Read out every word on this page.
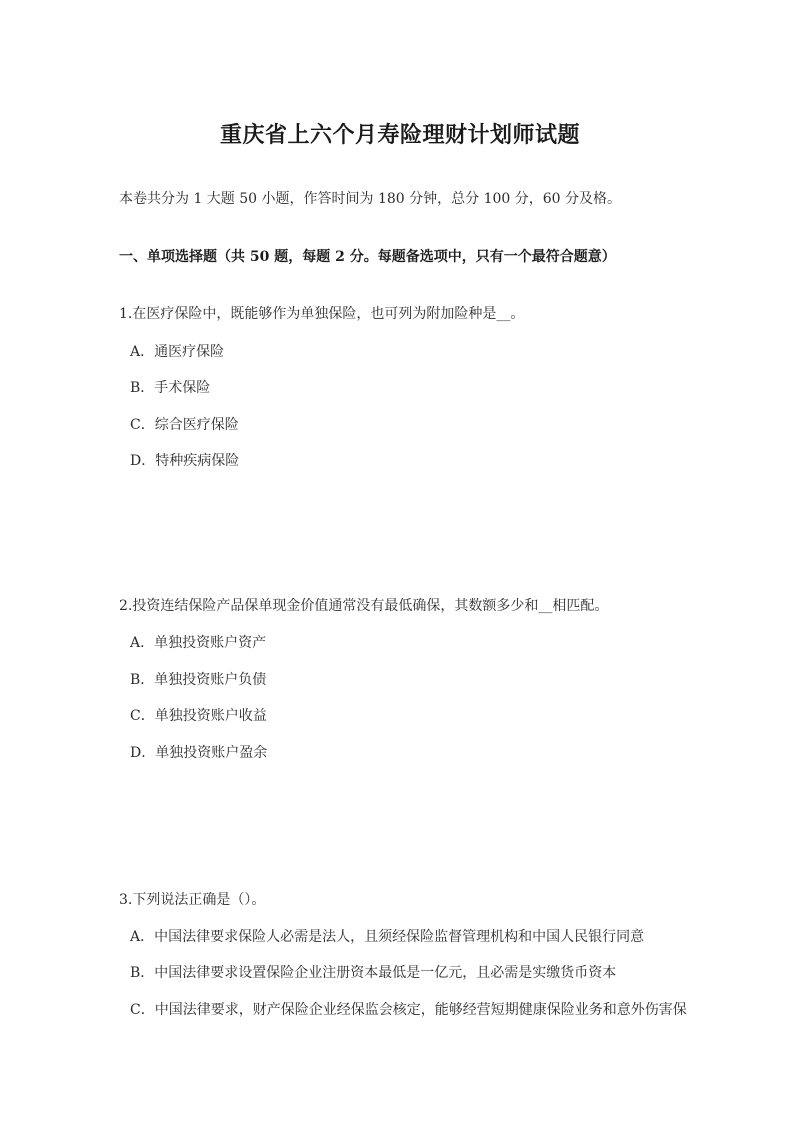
重庆省上六个月寿险理财计划师试题
本卷共分为 1 大题 50 小题，作答时间为 180 分钟，总分 100 分，60 分及格。
一、单项选择题（共 50 题，每题 2 分。每题备选项中，只有一个最符合题意）
1.在医疗保险中，既能够作为单独保险，也可列为附加险种是__。
A．通医疗保险
B．手术保险
C．综合医疗保险
D．特种疾病保险
2.投资连结保险产品保单现金价值通常没有最低确保，其数额多少和__相匹配。
A．单独投资账户资产
B．单独投资账户负债
C．单独投资账户收益
D．单独投资账户盈余
3.下列说法正确是（）。
A．中国法律要求保险人必需是法人，且须经保险监督管理机构和中国人民银行同意
B．中国法律要求设置保险企业注册资本最低是一亿元，且必需是实缴货币资本
C．中国法律要求，财产保险企业经保监会核定，能够经营短期健康保险业务和意外伤害保
